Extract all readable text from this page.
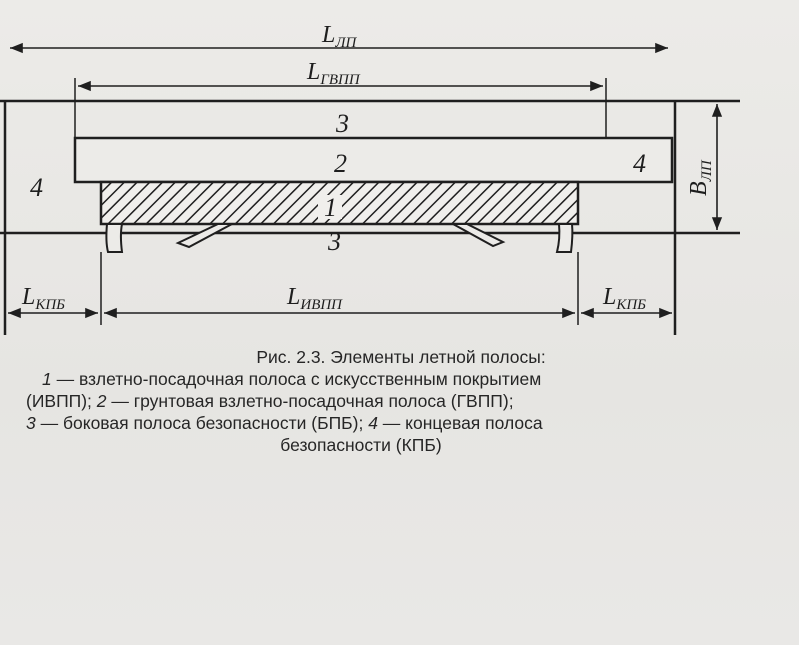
$L_{ЛП}$
$L_{ГВПП}$
$B_{ЛП}$
$L_{КПБ}$	$L_{ИВПП}$	$L_{КПБ}$
3
2
1
3
4
4
Рис. 2.3. Элементы летной полосы:
1 — взлетно-посадочная полоса с искусственным покрытием
(ИВПП); 2 — грунтовая взлетно-посадочная полоса (ГВПП);
3 — боковая полоса безопасности (БПБ); 4 — концевая полоса
безопасности (КПБ)
